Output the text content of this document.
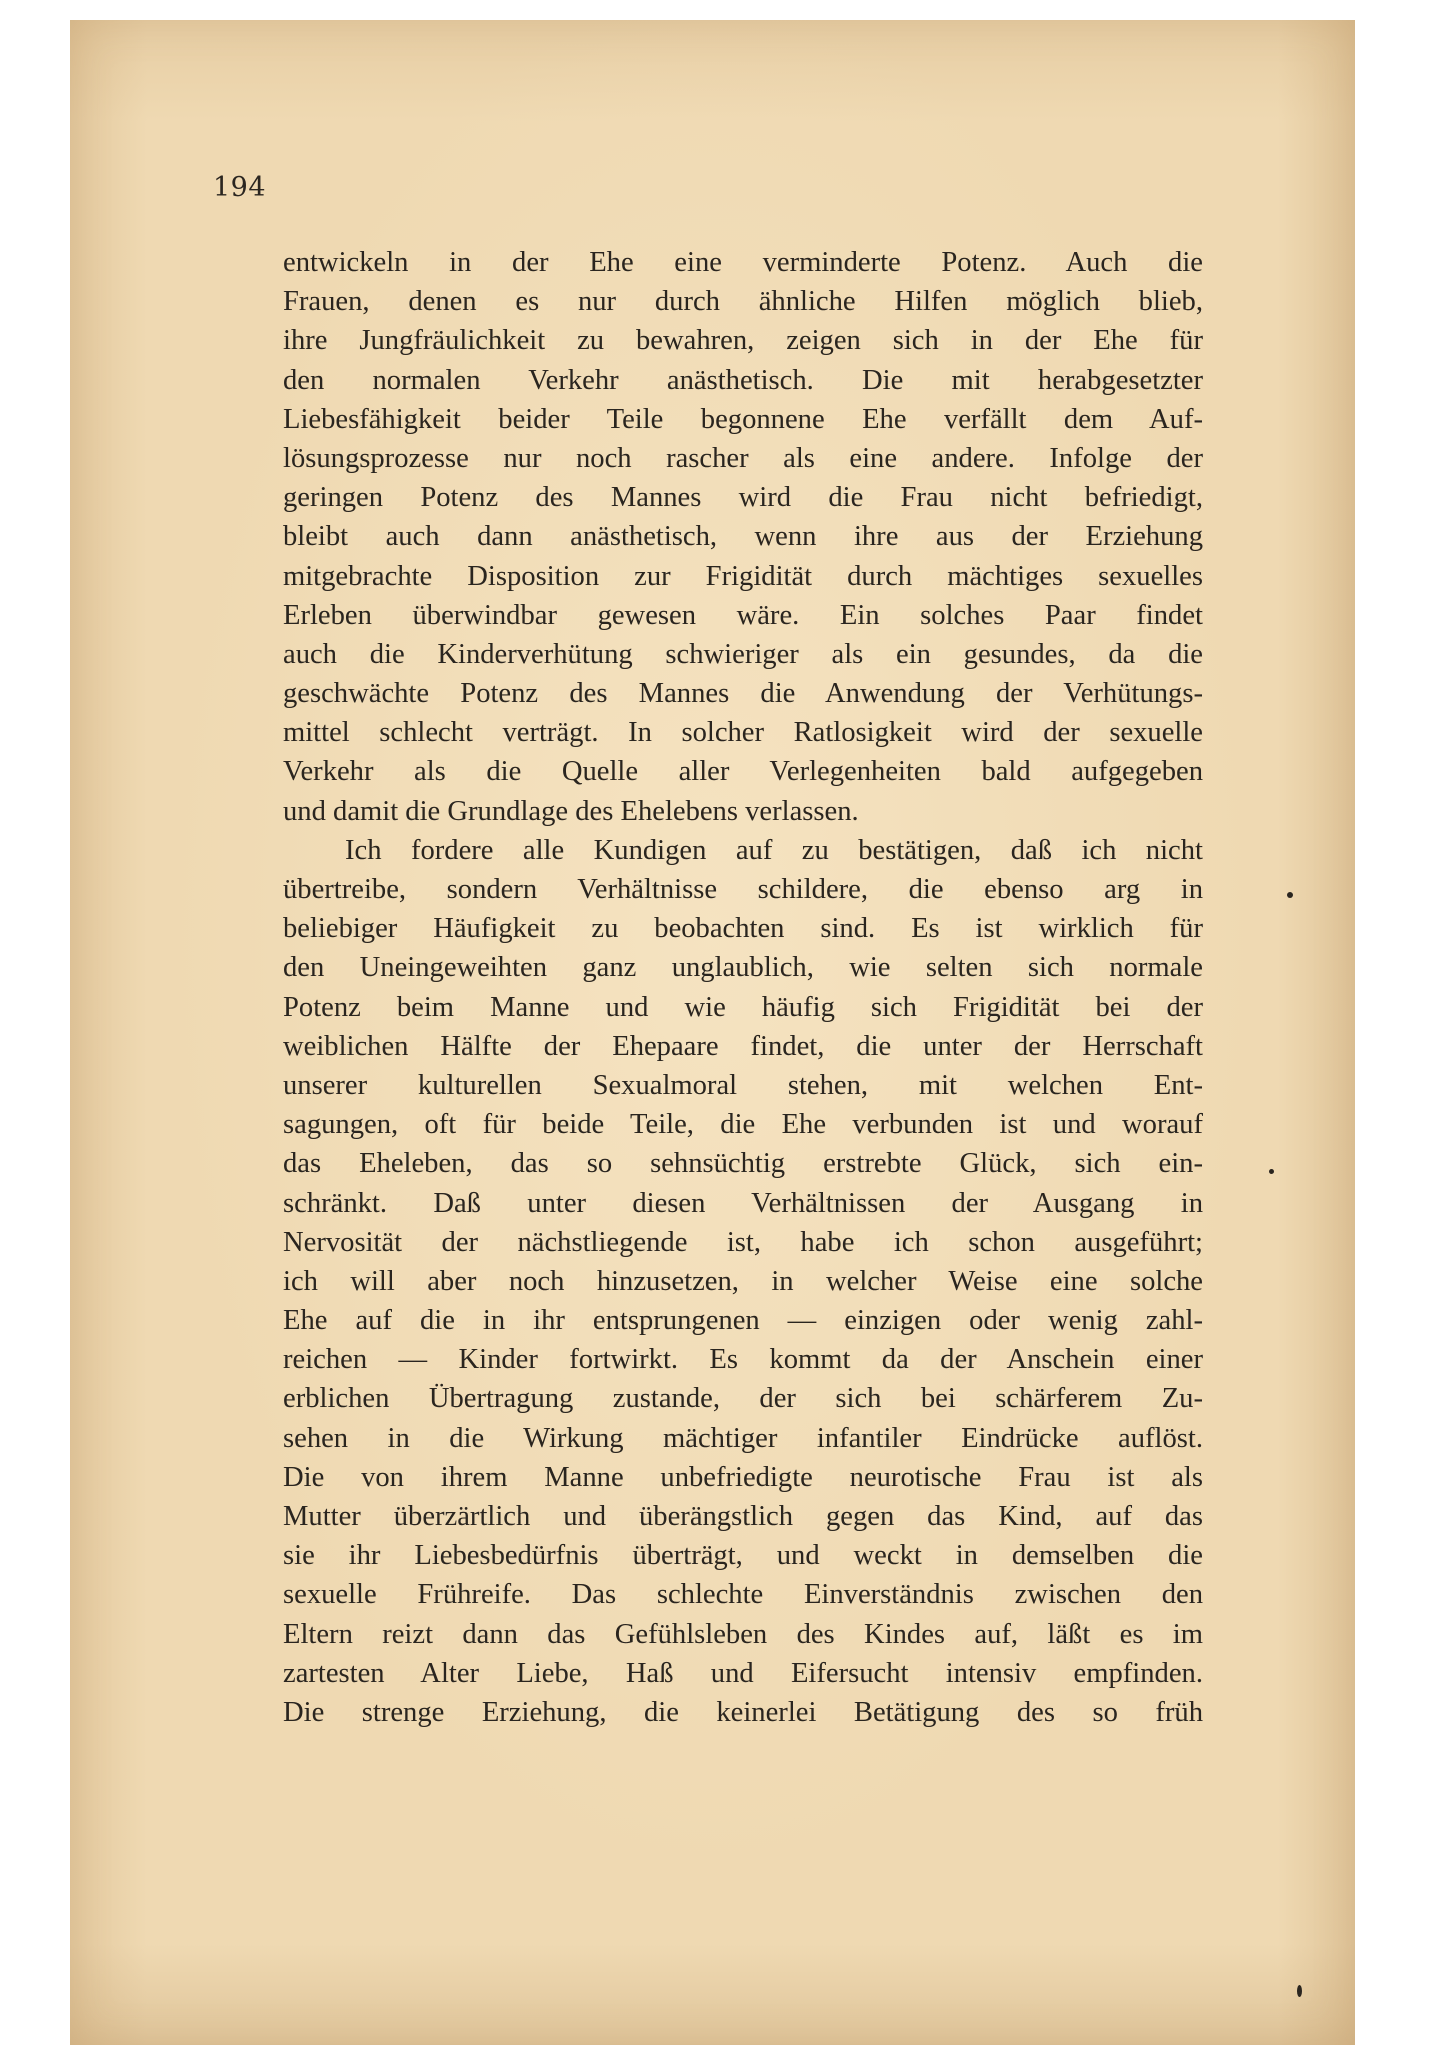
194
entwickeln in der Ehe eine verminderte Potenz. Auch die
Frauen, denen es nur durch ähnliche Hilfen möglich blieb,
ihre Jungfräulichkeit zu bewahren, zeigen sich in der Ehe für
den normalen Verkehr anästhetisch. Die mit herabgesetzter
Liebesfähigkeit beider Teile begonnene Ehe verfällt dem Auf-
lösungsprozesse nur noch rascher als eine andere. Infolge der
geringen Potenz des Mannes wird die Frau nicht befriedigt,
bleibt auch dann anästhetisch, wenn ihre aus der Erziehung
mitgebrachte Disposition zur Frigidität durch mächtiges sexuelles
Erleben überwindbar gewesen wäre. Ein solches Paar findet
auch die Kinderverhütung schwieriger als ein gesundes, da die
geschwächte Potenz des Mannes die Anwendung der Verhütungs-
mittel schlecht verträgt. In solcher Ratlosigkeit wird der sexuelle
Verkehr als die Quelle aller Verlegenheiten bald aufgegeben
und damit die Grundlage des Ehelebens verlassen.
Ich fordere alle Kundigen auf zu bestätigen, daß ich nicht
übertreibe, sondern Verhältnisse schildere, die ebenso arg in
beliebiger Häufigkeit zu beobachten sind. Es ist wirklich für
den Uneingeweihten ganz unglaublich, wie selten sich normale
Potenz beim Manne und wie häufig sich Frigidität bei der
weiblichen Hälfte der Ehepaare findet, die unter der Herrschaft
unserer kulturellen Sexualmoral stehen, mit welchen Ent-
sagungen, oft für beide Teile, die Ehe verbunden ist und worauf
das Eheleben, das so sehnsüchtig erstrebte Glück, sich ein-
schränkt. Daß unter diesen Verhältnissen der Ausgang in
Nervosität der nächstliegende ist, habe ich schon ausgeführt;
ich will aber noch hinzusetzen, in welcher Weise eine solche
Ehe auf die in ihr entsprungenen — einzigen oder wenig zahl-
reichen — Kinder fortwirkt. Es kommt da der Anschein einer
erblichen Übertragung zustande, der sich bei schärferem Zu-
sehen in die Wirkung mächtiger infantiler Eindrücke auflöst.
Die von ihrem Manne unbefriedigte neurotische Frau ist als
Mutter überzärtlich und überängstlich gegen das Kind, auf das
sie ihr Liebesbedürfnis überträgt, und weckt in demselben die
sexuelle Frühreife. Das schlechte Einverständnis zwischen den
Eltern reizt dann das Gefühlsleben des Kindes auf, läßt es im
zartesten Alter Liebe, Haß und Eifersucht intensiv empfinden.
Die strenge Erziehung, die keinerlei Betätigung des so früh
